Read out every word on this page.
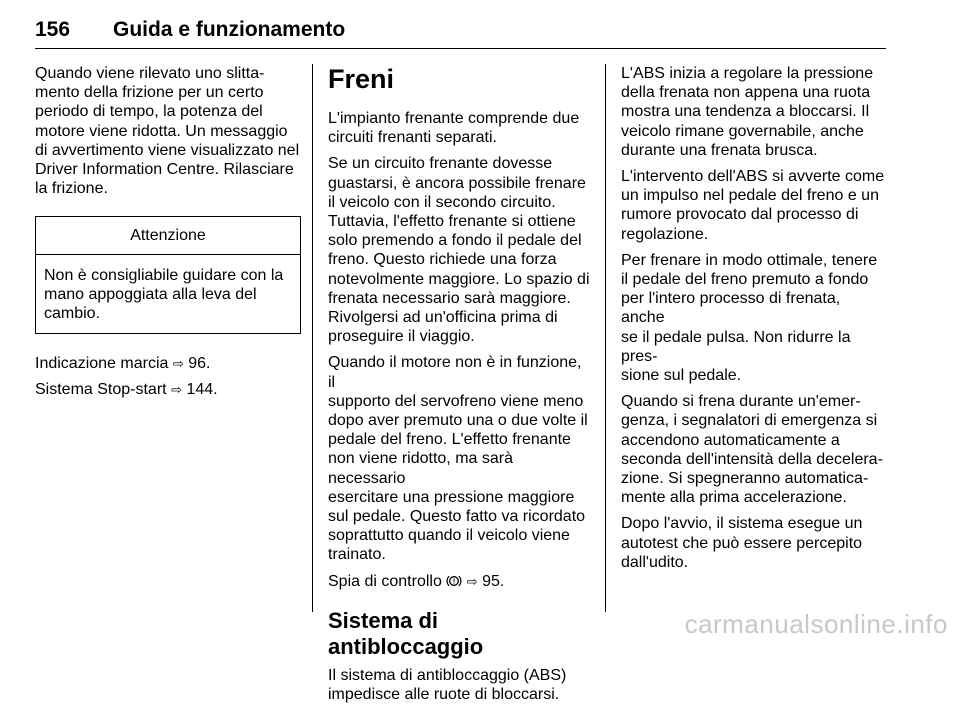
156 Guida e funzionamento

Quando viene rilevato uno slitta-
mento della frizione per un certo
periodo di tempo, la potenza del
motore viene ridotta. Un messaggio
di avvertimento viene visualizzato nel
Driver Information Centre. Rilasciare
la frizione.

Attenzione
Non è consigliabile guidare con la
mano appoggiata alla leva del
cambio.

Indicazione marcia ⇨ 96.

Sistema Stop-start ⇨ 144.

Freni

L'impianto frenante comprende due
circuiti frenanti separati.

Se un circuito frenante dovesse
guastarsi, è ancora possibile frenare
il veicolo con il secondo circuito.
Tuttavia, l'effetto frenante si ottiene
solo premendo a fondo il pedale del
freno. Questo richiede una forza
notevolmente maggiore. Lo spazio di
frenata necessario sarà maggiore.
Rivolgersi ad un'officina prima di
proseguire il viaggio.

Quando il motore non è in funzione, il
supporto del servofreno viene meno
dopo aver premuto una o due volte il
pedale del freno. L'effetto frenante
non viene ridotto, ma sarà necessario
esercitare una pressione maggiore
sul pedale. Questo fatto va ricordato
soprattutto quando il veicolo viene
trainato.

Spia di controllo ! ⇨ 95.

Sistema di antibloccaggio

Il sistema di antibloccaggio (ABS)
impedisce alle ruote di bloccarsi.

L'ABS inizia a regolare la pressione
della frenata non appena una ruota
mostra una tendenza a bloccarsi. Il
veicolo rimane governabile, anche
durante una frenata brusca.

L'intervento dell'ABS si avverte come
un impulso nel pedale del freno e un
rumore provocato dal processo di
regolazione.

Per frenare in modo ottimale, tenere
il pedale del freno premuto a fondo
per l'intero processo di frenata, anche
se il pedale pulsa. Non ridurre la pres-
sione sul pedale.

Quando si frena durante un'emer-
genza, i segnalatori di emergenza si
accendono automaticamente a
seconda dell'intensità della decelera-
zione. Si spegneranno automatica-
mente alla prima accelerazione.

Dopo l'avvio, il sistema esegue un
autotest che può essere percepito
dall'udito.

carmanualsonline.info
